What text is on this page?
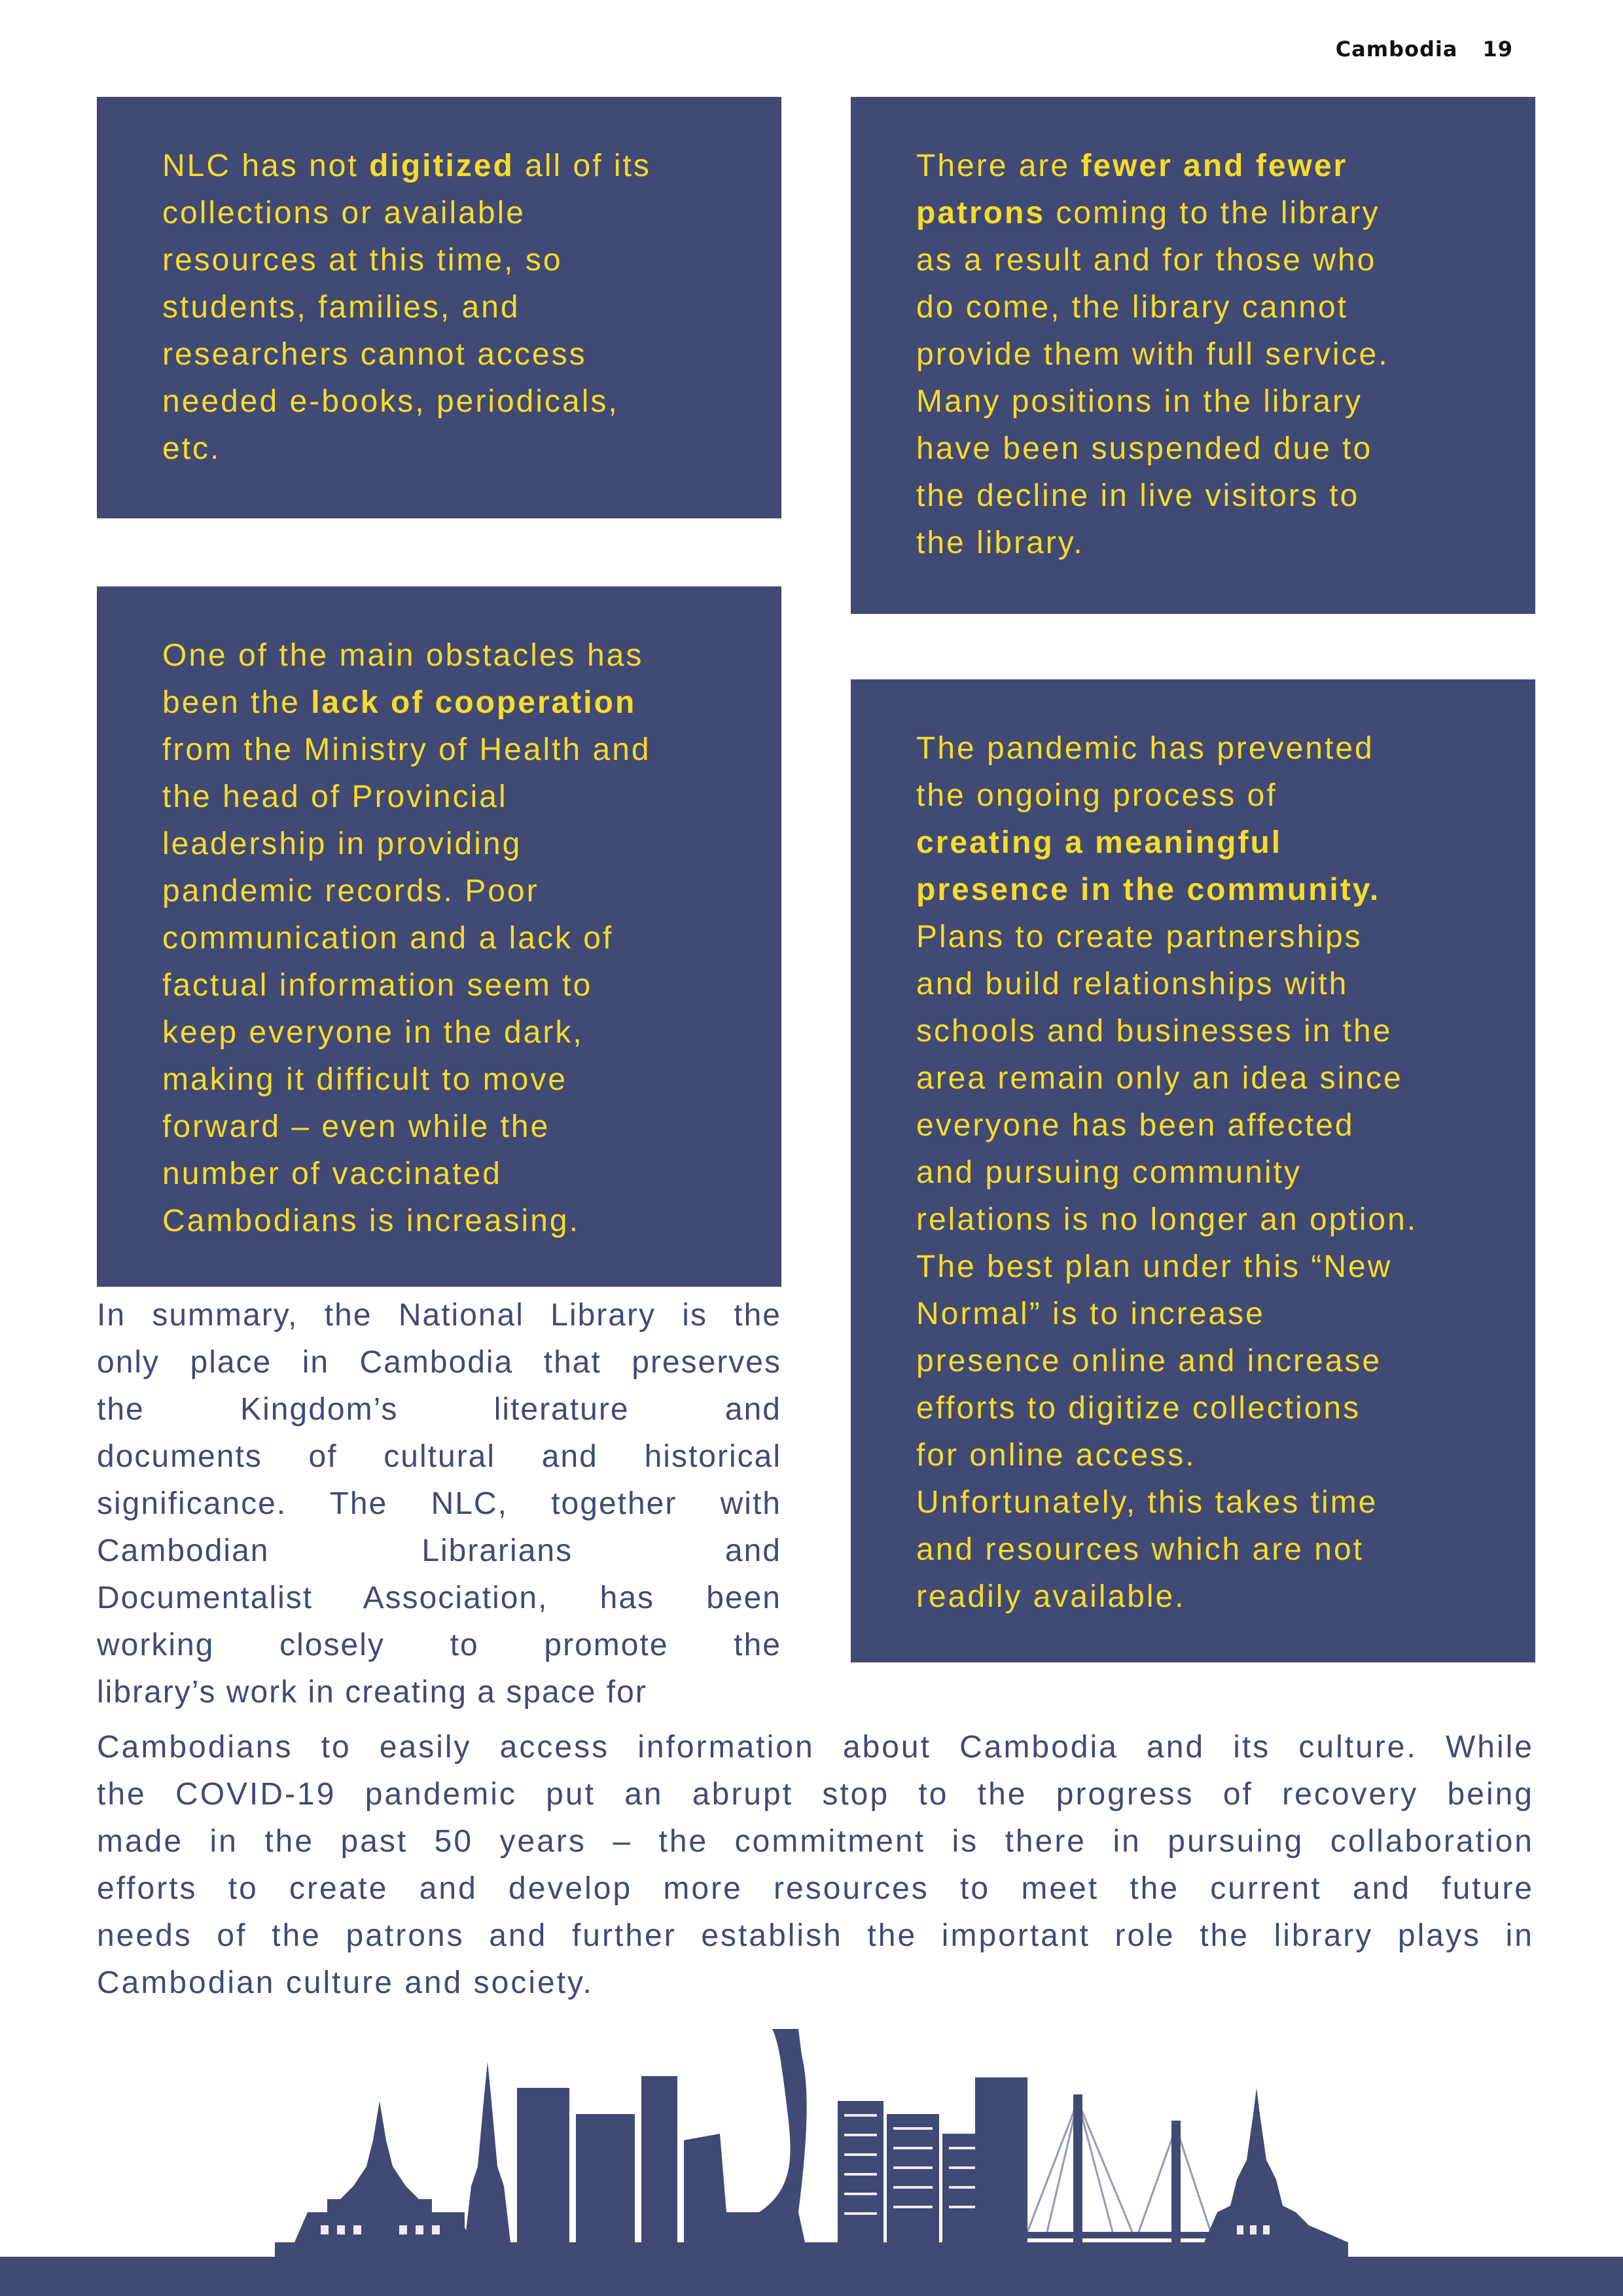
Cambodia 19
NLC has not digitized all of its
collections or available
resources at this time, so
students, families, and
researchers cannot access
needed e-books, periodicals,
etc.
There are fewer and fewer
patrons coming to the library
as a result and for those who
do come, the library cannot
provide them with full service.
Many positions in the library
have been suspended due to
the decline in live visitors to
the library.
One of the main obstacles has
been the lack of cooperation
from the Ministry of Health and
the head of Provincial
leadership in providing
pandemic records. Poor
communication and a lack of
factual information seem to
keep everyone in the dark,
making it difficult to move
forward – even while the
number of vaccinated
Cambodians is increasing.
The pandemic has prevented
the ongoing process of
creating a meaningful
presence in the community.
Plans to create partnerships
and build relationships with
schools and businesses in the
area remain only an idea since
everyone has been affected
and pursuing community
relations is no longer an option.
The best plan under this “New
Normal” is to increase
presence online and increase
efforts to digitize collections
for online access.
Unfortunately, this takes time
and resources which are not
readily available.
In summary, the National Library is the
only place in Cambodia that preserves
the Kingdom’s literature and
documents of cultural and historical
significance. The NLC, together with
Cambodian Librarians and
Documentalist Association, has been
working closely to promote the
library’s work in creating a space for
Cambodians to easily access information about Cambodia and its culture. While
the COVID-19 pandemic put an abrupt stop to the progress of recovery being
made in the past 50 years – the commitment is there in pursuing collaboration
efforts to create and develop more resources to meet the current and future
needs of the patrons and further establish the important role the library plays in
Cambodian culture and society.
